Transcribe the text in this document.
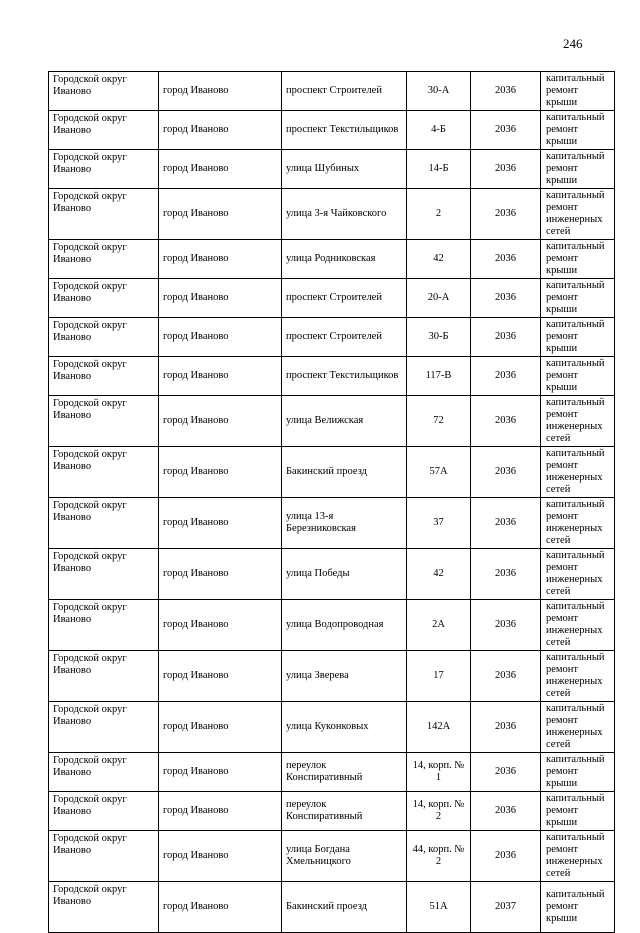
246
Городской округ Иваново	город Иваново	проспект Строителей	30-А	2036	капитальный ремонт крыши
Городской округ Иваново	город Иваново	проспект Текстильщиков	4-Б	2036	капитальный ремонт крыши
Городской округ Иваново	город Иваново	улица Шубиных	14-Б	2036	капитальный ремонт крыши
Городской округ Иваново	город Иваново	улица 3-я Чайковского	2	2036	капитальный ремонт инженерных сетей
Городской округ Иваново	город Иваново	улица Родниковская	42	2036	капитальный ремонт крыши
Городской округ Иваново	город Иваново	проспект Строителей	20-А	2036	капитальный ремонт крыши
Городской округ Иваново	город Иваново	проспект Строителей	30-Б	2036	капитальный ремонт крыши
Городской округ Иваново	город Иваново	проспект Текстильщиков	117-В	2036	капитальный ремонт крыши
Городской округ Иваново	город Иваново	улица Велижская	72	2036	капитальный ремонт инженерных сетей
Городской округ Иваново	город Иваново	Бакинский проезд	57А	2036	капитальный ремонт инженерных сетей
Городской округ Иваново	город Иваново	улица 13-я Березниковская	37	2036	капитальный ремонт инженерных сетей
Городской округ Иваново	город Иваново	улица Победы	42	2036	капитальный ремонт инженерных сетей
Городской округ Иваново	город Иваново	улица Водопроводная	2А	2036	капитальный ремонт инженерных сетей
Городской округ Иваново	город Иваново	улица Зверева	17	2036	капитальный ремонт инженерных сетей
Городской округ Иваново	город Иваново	улица Куконковых	142А	2036	капитальный ремонт инженерных сетей
Городской округ Иваново	город Иваново	переулок Конспиративный	14, корп. № 1	2036	капитальный ремонт крыши
Городской округ Иваново	город Иваново	переулок Конспиративный	14, корп. № 2	2036	капитальный ремонт крыши
Городской округ Иваново	город Иваново	улица Богдана Хмельницкого	44, корп. № 2	2036	капитальный ремонт инженерных сетей
Городской округ Иваново	город Иваново	Бакинский проезд	51А	2037	капитальный ремонт крыши
